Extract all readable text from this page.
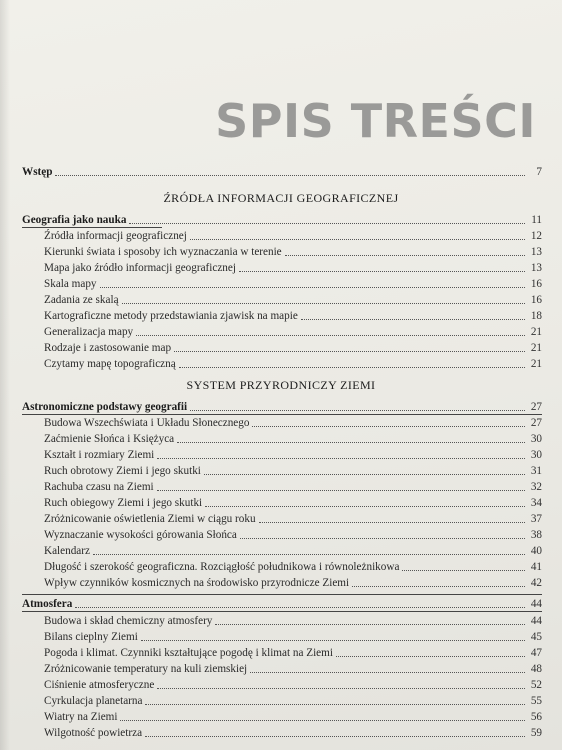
SPIS TREŚCI
Wstęp	7
ŹRÓDŁA INFORMACJI GEOGRAFICZNEJ
Geografia jako nauka	11
Źródła informacji geograficznej	12
Kierunki świata i sposoby ich wyznaczania w terenie	13
Mapa jako źródło informacji geograficznej	13
Skala mapy	16
Zadania ze skalą	16
Kartograficzne metody przedstawiania zjawisk na mapie	18
Generalizacja mapy	21
Rodzaje i zastosowanie map	21
Czytamy mapę topograficzną	21
SYSTEM PRZYRODNICZY ZIEMI
Astronomiczne podstawy geografii	27
Budowa Wszechświata i Układu Słonecznego	27
Zaćmienie Słońca i Księżyca	30
Kształt i rozmiary Ziemi	30
Ruch obrotowy Ziemi i jego skutki	31
Rachuba czasu na Ziemi	32
Ruch obiegowy Ziemi i jego skutki	34
Zróżnicowanie oświetlenia Ziemi w ciągu roku	37
Wyznaczanie wysokości górowania Słońca	38
Kalendarz	40
Długość i szerokość geograficzna. Rozciągłość południkowa i równoleżnikowa	41
Wpływ czynników kosmicznych na środowisko przyrodnicze Ziemi	42
Atmosfera	44
Budowa i skład chemiczny atmosfery	44
Bilans cieplny Ziemi	45
Pogoda i klimat. Czynniki kształtujące pogodę i klimat na Ziemi	47
Zróżnicowanie temperatury na kuli ziemskiej	48
Ciśnienie atmosferyczne	52
Cyrkulacja planetarna	55
Wiatry na Ziemi	56
Wilgotność powietrza	59
